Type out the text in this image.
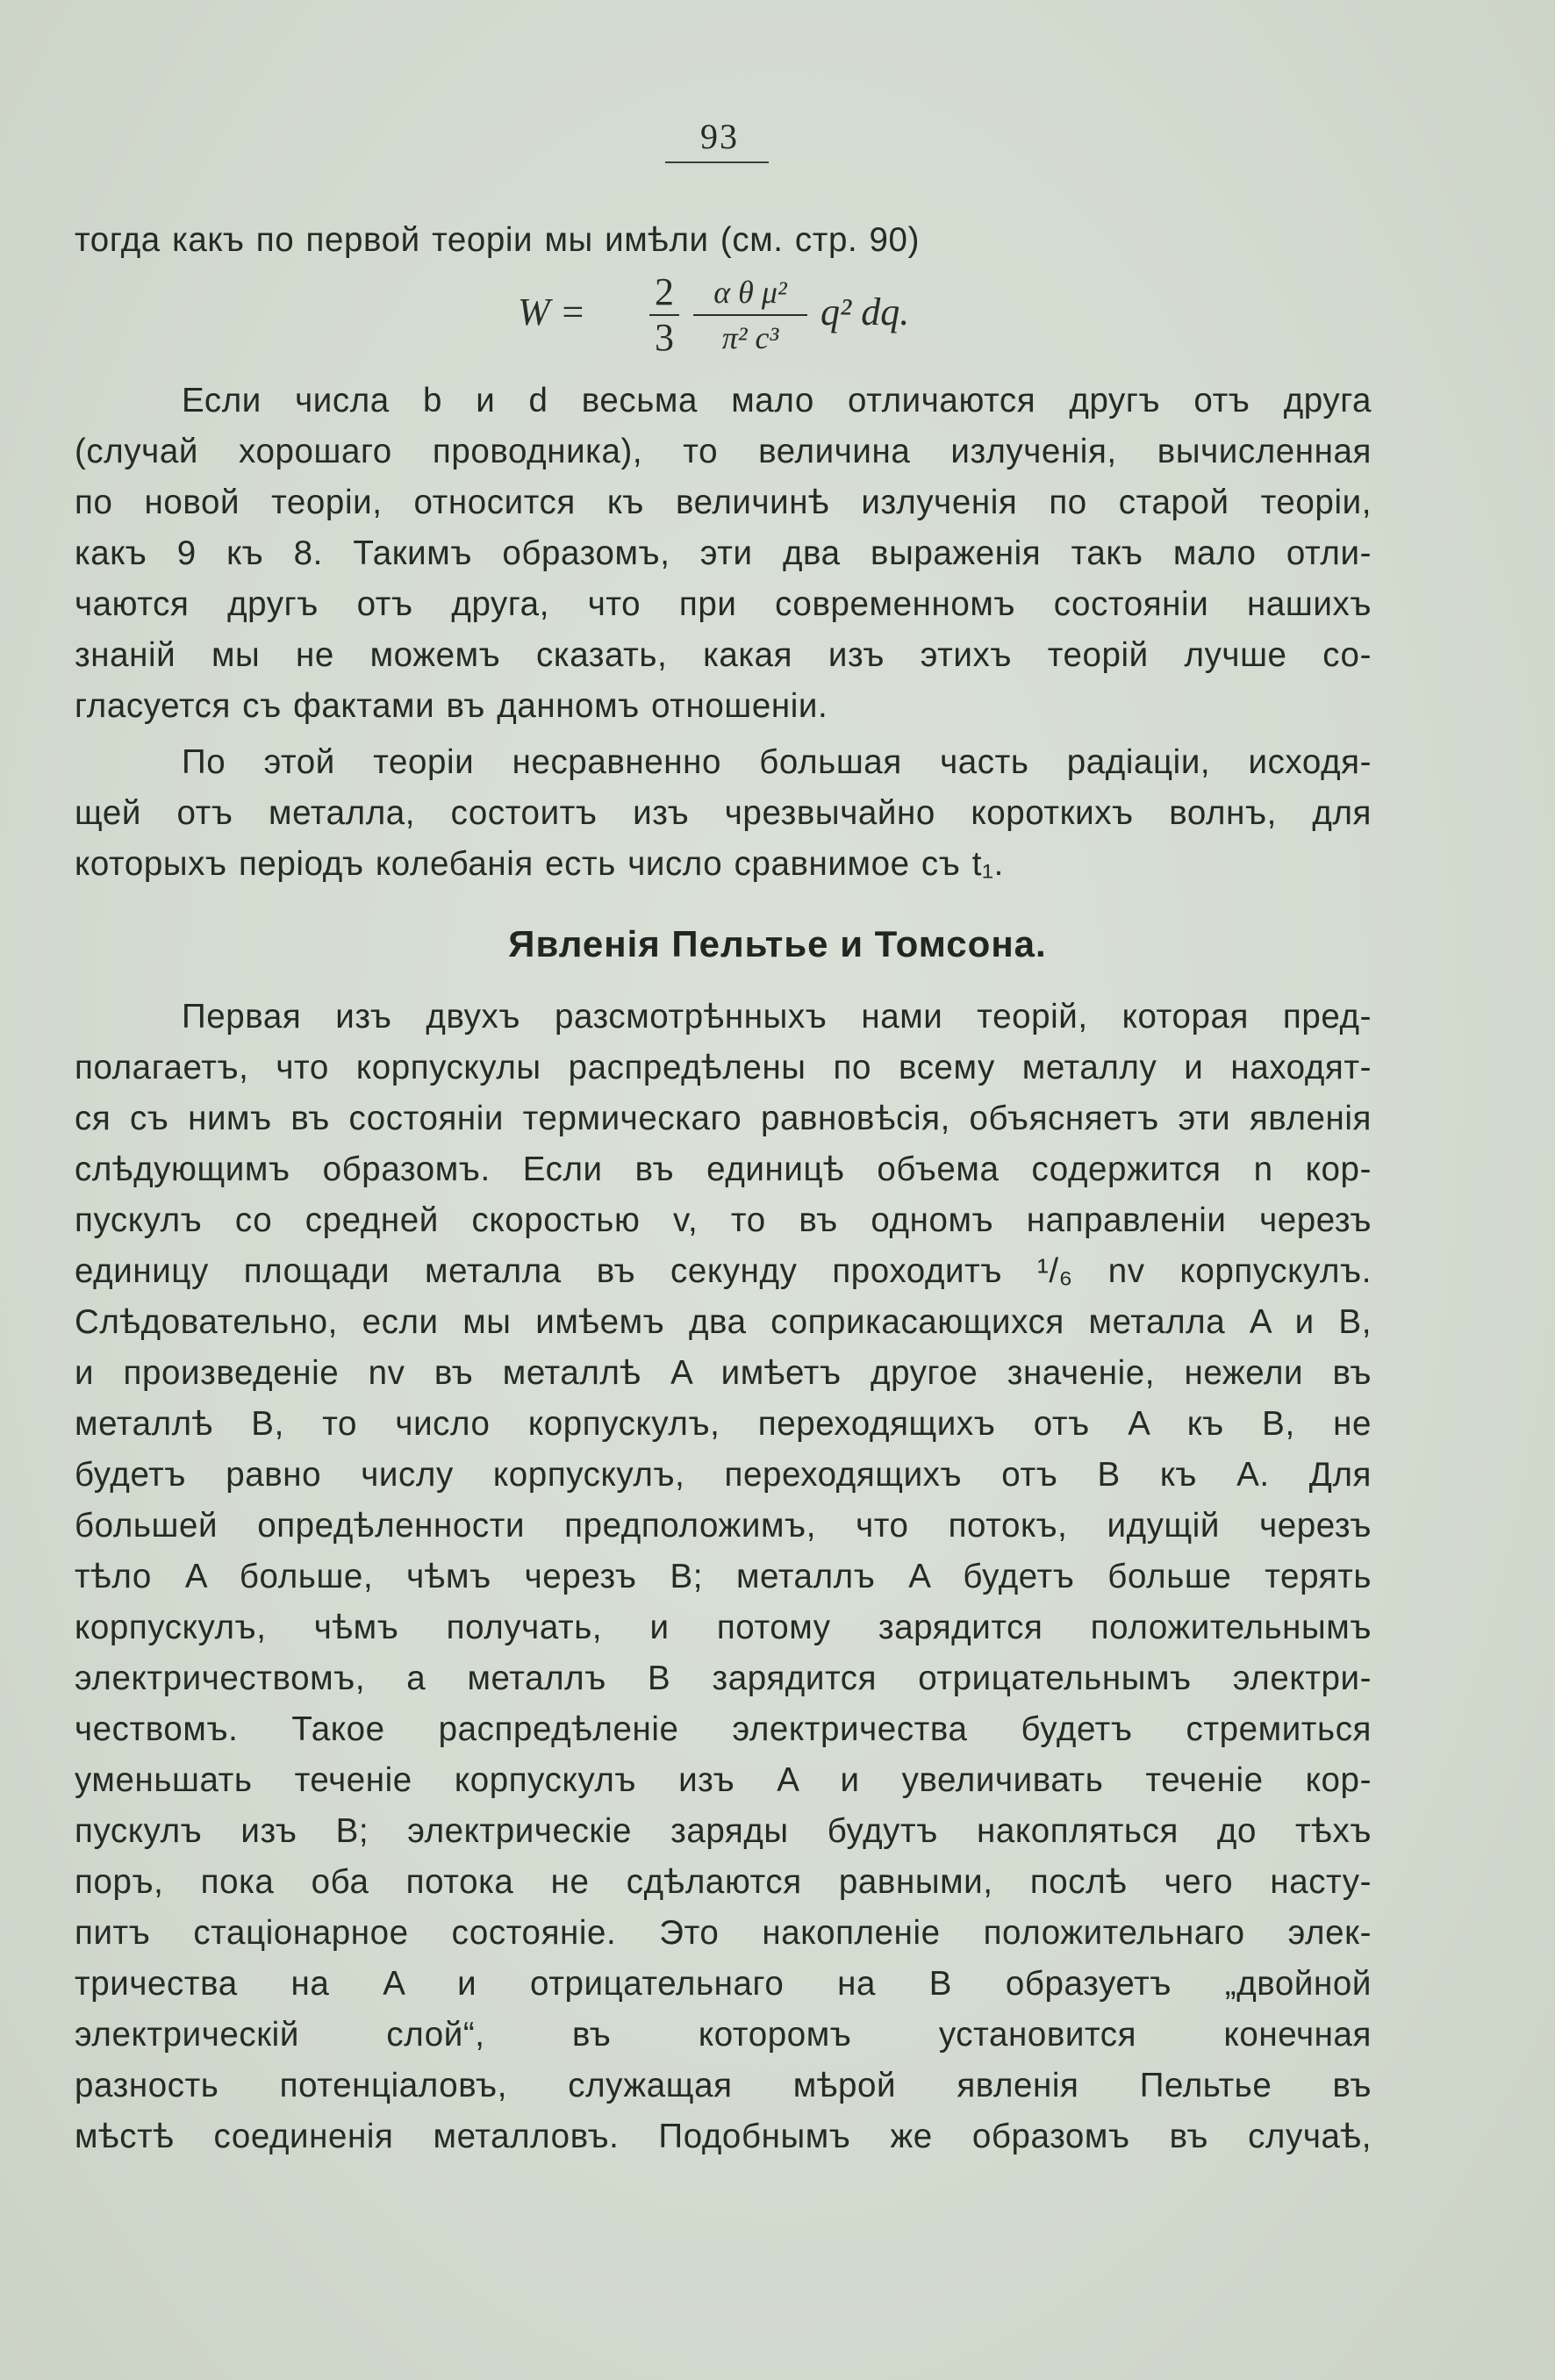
93
тогда какъ по первой теоріи мы имѣли (см. стр. 90)
W = 2
3
α θ μ²
π² c³
q² dq.
Если числа b и d весьма мало отличаются другъ отъ друга
(случай хорошаго проводника), то величина излученія, вычисленная
по новой теоріи, относится къ величинѣ излученія по старой теоріи,
какъ 9 къ 8. Такимъ образомъ, эти два выраженія такъ мало отли-
чаются другъ отъ друга, что при современномъ состояніи нашихъ
знаній мы не можемъ сказать, какая изъ этихъ теорій лучше со-
гласуется съ фактами въ данномъ отношеніи.
По этой теоріи несравненно большая часть радіаціи, исходя-
щей отъ металла, состоитъ изъ чрезвычайно короткихъ волнъ, для
которыхъ періодъ колебанія есть число сравнимое съ t₁.
Явленія Пельтье и Томсона.
Первая изъ двухъ разсмотрѣнныхъ нами теорій, которая пред-
полагаетъ, что корпускулы распредѣлены по всему металлу и находят-
ся съ нимъ въ состояніи термическаго равновѣсія, объясняетъ эти явленія
слѣдующимъ образомъ. Если въ единицѣ объема содержится n кор-
пускулъ со средней скоростью v, то въ одномъ направленіи черезъ
единицу площади металла въ секунду проходитъ ¹/₆ nv корпускулъ.
Слѣдовательно, если мы имѣемъ два соприкасающихся металла A и B,
и произведеніе nv въ металлѣ A имѣетъ другое значеніе, нежели въ
металлѣ B, то число корпускулъ, переходящихъ отъ A къ B, не
будетъ равно числу корпускулъ, переходящихъ отъ B къ A. Для
большей опредѣленности предположимъ, что потокъ, идущій черезъ
тѣло A больше, чѣмъ черезъ B; металлъ A будетъ больше терять
корпускулъ, чѣмъ получать, и потому зарядится положительнымъ
электричествомъ, а металлъ B зарядится отрицательнымъ электри-
чествомъ. Такое распредѣленіе электричества будетъ стремиться
уменьшать теченіе корпускулъ изъ A и увеличивать теченіе кор-
пускулъ изъ B; электрическіе заряды будутъ накопляться до тѣхъ
поръ, пока оба потока не сдѣлаются равными, послѣ чего насту-
питъ стаціонарное состояніе. Это накопленіе положительнаго элек-
тричества на A и отрицательнаго на B образуетъ „двойной
электрическій слой“, въ которомъ установится конечная
разность потенціаловъ, служащая мѣрой явленія Пельтье въ
мѣстѣ соединенія металловъ. Подобнымъ же образомъ въ случаѣ,
